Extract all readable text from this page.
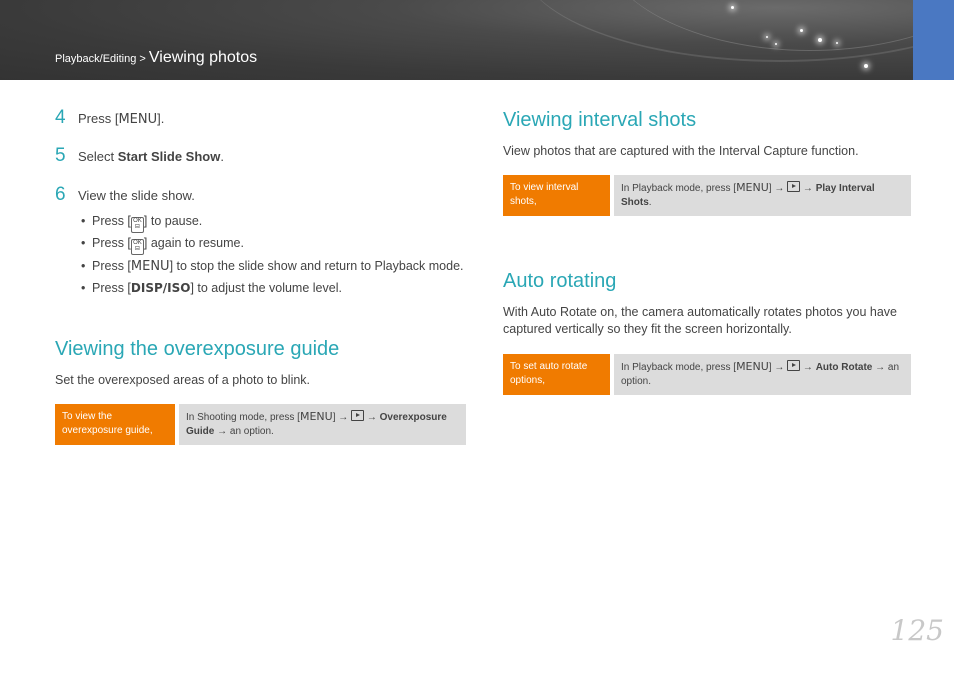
Playback/Editing > Viewing photos
4 Press [MENU].
5 Select Start Slide Show.
6 View the slide show.
• Press [ OK
⊟ ] to pause.
• Press [ OK
⊟ ] again to resume.
• Press [MENU] to stop the slide show and return to Playback mode.
• Press [DISP/ISO] to adjust the volume level.
Viewing the overexposure guide
Set the overexposed areas of a photo to blink.
To view the overexposure guide,
In Shooting mode, press [MENU] →  → Overexposure Guide → an option.
Viewing interval shots
View photos that are captured with the Interval Capture function.
To view interval shots,
In Playback mode, press [MENU] →  → Play Interval Shots.
Auto rotating
With Auto Rotate on, the camera automatically rotates photos you have captured vertically so they fit the screen horizontally.
To set auto rotate options,
In Playback mode, press [MENU] →  → Auto Rotate → an option.
125
